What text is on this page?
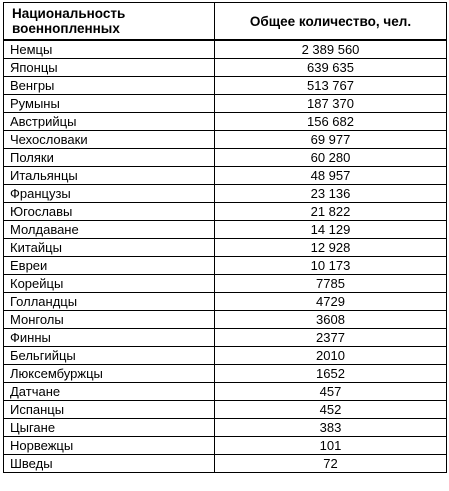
Национальность военнопленных	Общее количество, чел.
Немцы	2 389 560
Японцы	639 635
Венгры	513 767
Румыны	187 370
Австрийцы	156 682
Чехословаки	69 977
Поляки	60 280
Итальянцы	48 957
Французы	23 136
Югославы	21 822
Молдаване	14 129
Китайцы	12 928
Евреи	10 173
Корейцы	7785
Голландцы	4729
Монголы	3608
Финны	2377
Бельгийцы	2010
Люксембуржцы	1652
Датчане	457
Испанцы	452
Цыгане	383
Норвежцы	101
Шведы	72
